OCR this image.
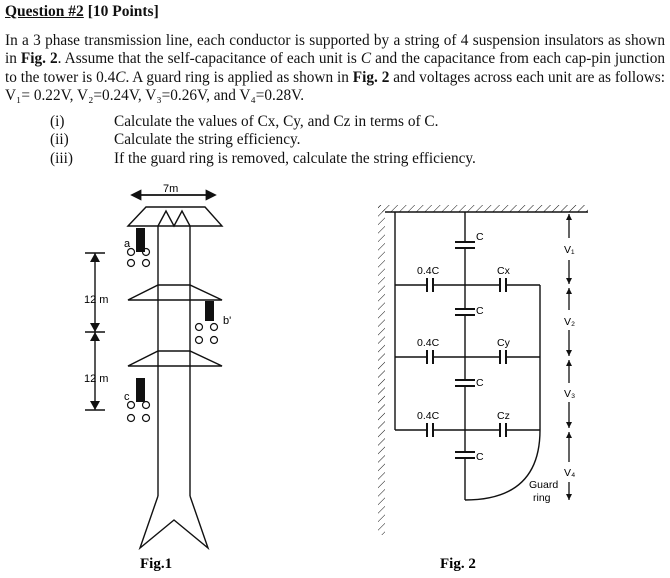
Question #2 [10 Points]

In a 3 phase transmission line, each conductor is supported by a string of 4 suspension insulators as shown in Fig. 2. Assume that the self-capacitance of each unit is C and the capacitance from each cap-pin junction to the tower is 0.4C. A guard ring is applied as shown in Fig. 2 and voltages across each unit are as follows: V₁= 0.22V, V₂=0.24V, V₃=0.26V, and V₄=0.28V.

(i)	Calculate the values of Cx, Cy, and Cz in terms of C.
(ii)	Calculate the string efficiency.
(iii)	If the guard ring is removed, calculate the string efficiency.
7m
12 m
12 m
a
b'
c
Fig.1
C
C
C
C
0.4C
0.4C
0.4C
Cx
Cy
Cz
V₁
V₂
V₃
V₄
Guard
ring
Fig. 2
